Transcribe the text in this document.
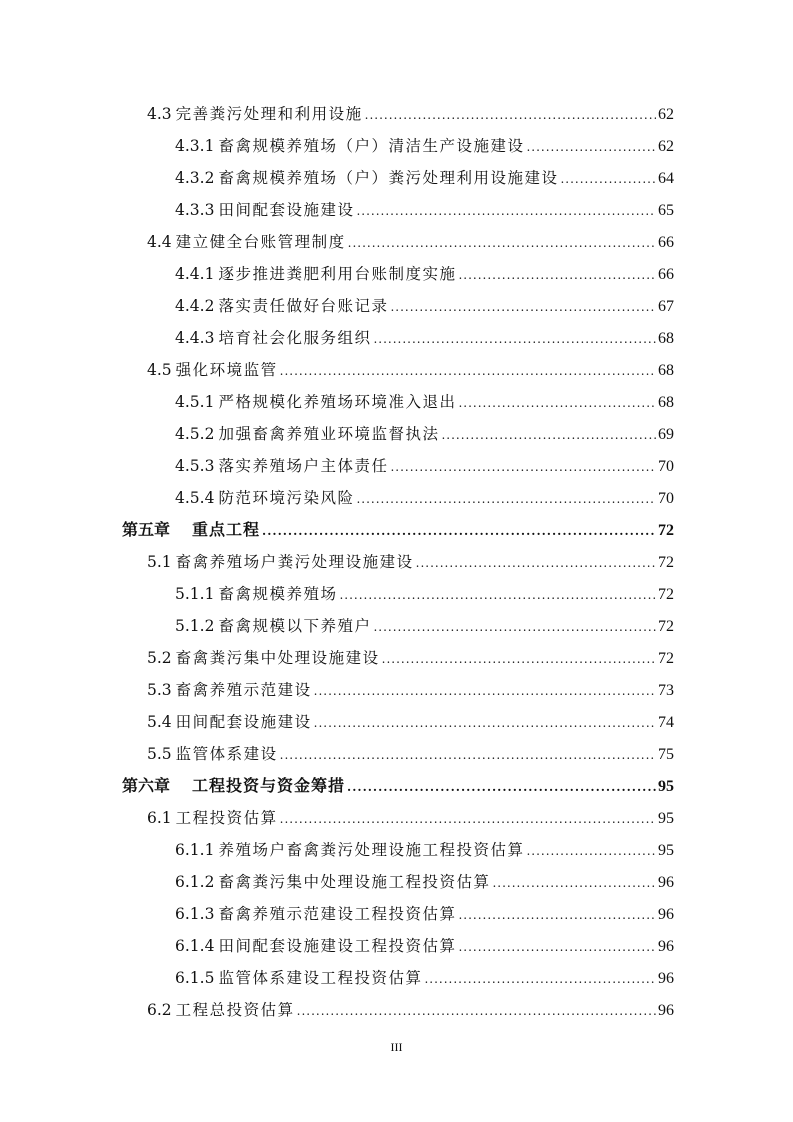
4.3 完善粪污处理和利用设施 .....	62
4.3.1 畜禽规模养殖场（户）清洁生产设施建设 .....	62
4.3.2 畜禽规模养殖场（户）粪污处理利用设施建设 .....	64
4.3.3 田间配套设施建设 .....	65
4.4 建立健全台账管理制度 .....	66
4.4.1 逐步推进粪肥利用台账制度实施 .....	66
4.4.2 落实责任做好台账记录 .....	67
4.4.3 培育社会化服务组织 .....	68
4.5 强化环境监管 .....	68
4.5.1 严格规模化养殖场环境准入退出 .....	68
4.5.2 加强畜禽养殖业环境监督执法 .....	69
4.5.3 落实养殖场户主体责任 .....	70
4.5.4 防范环境污染风险 .....	70
第五章	重点工程 .....	72
5.1 畜禽养殖场户粪污处理设施建设 .....	72
5.1.1 畜禽规模养殖场 .....	72
5.1.2 畜禽规模以下养殖户 .....	72
5.2 畜禽粪污集中处理设施建设 .....	72
5.3 畜禽养殖示范建设 .....	73
5.4 田间配套设施建设 .....	74
5.5 监管体系建设 .....	75
第六章	工程投资与资金筹措 .....	95
6.1 工程投资估算 .....	95
6.1.1 养殖场户畜禽粪污处理设施工程投资估算 .....	95
6.1.2 畜禽粪污集中处理设施工程投资估算 .....	96
6.1.3 畜禽养殖示范建设工程投资估算 .....	96
6.1.4 田间配套设施建设工程投资估算 .....	96
6.1.5 监管体系建设工程投资估算 .....	96
6.2 工程总投资估算 .....	96
III
